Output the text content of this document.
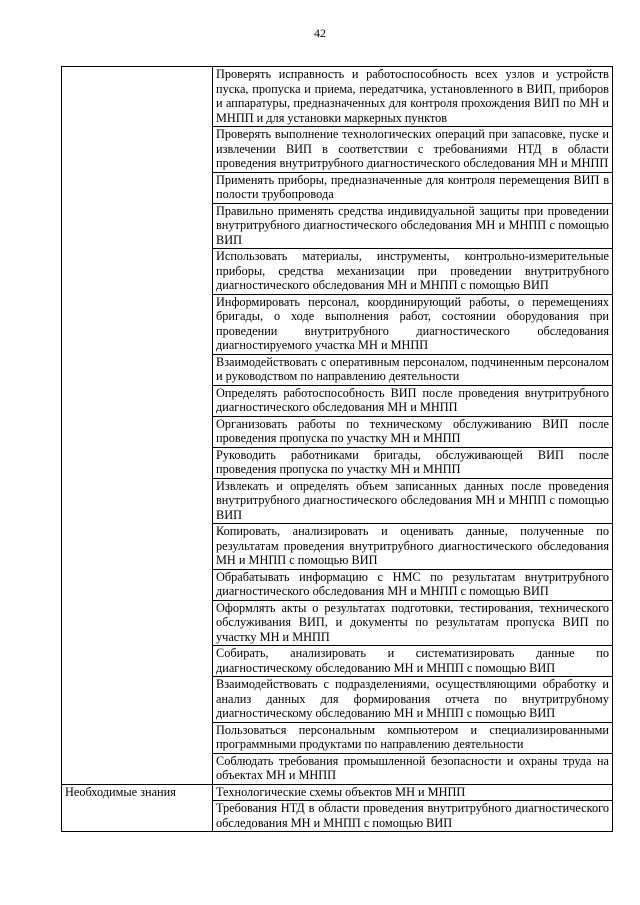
42
	Проверять исправность и работоспособность всех узлов и устройств пуска, пропуска и приема, передатчика, установленного в ВИП, приборов и аппаратуры, предназначенных для контроля прохождения ВИП по МН и МНПП и для установки маркерных пунктов
	Проверять выполнение технологических операций при запасовке, пуске и извлечении ВИП в соответствии с требованиями НТД в области проведения внутритрубного диагностического обследования МН и МНПП
	Применять приборы, предназначенные для контроля перемещения ВИП в полости трубопровода
	Правильно применять средства индивидуальной защиты при проведении внутритрубного диагностического обследования МН и МНПП с помощью ВИП
	Использовать материалы, инструменты, контрольно-измерительные приборы, средства механизации при проведении внутритрубного диагностического обследования МН и МНПП с помощью ВИП
	Информировать персонал, координирующий работы, о перемещениях бригады, о ходе выполнения работ, состоянии оборудования при проведении внутритрубного диагностического обследования диагностируемого участка МН и МНПП
	Взаимодействовать с оперативным персоналом, подчиненным персоналом и руководством по направлению деятельности
	Определять работоспособность ВИП после проведения внутритрубного диагностического обследования МН и МНПП
	Организовать работы по техническому обслуживанию ВИП после проведения пропуска по участку МН и МНПП
	Руководить работниками бригады, обслуживающей ВИП после проведения пропуска по участку МН и МНПП
	Извлекать и определять объем записанных данных после проведения внутритрубного диагностического обследования МН и МНПП с помощью ВИП
	Копировать, анализировать и оценивать данные, полученные по результатам проведения внутритрубного диагностического обследования МН и МНПП с помощью ВИП
	Обрабатывать информацию с НМС по результатам внутритрубного диагностического обследования МН и МНПП с помощью ВИП
	Оформлять акты о результатах подготовки, тестирования, технического обслуживания ВИП, и документы по результатам пропуска ВИП по участку МН и МНПП
	Собирать, анализировать и систематизировать данные по диагностическому обследованию МН и МНПП с помощью ВИП
	Взаимодействовать с подразделениями, осуществляющими обработку и анализ данных для формирования отчета по внутритрубному диагностическому обследованию МН и МНПП с помощью ВИП
	Пользоваться персональным компьютером и специализированными программными продуктами по направлению деятельности
	Соблюдать требования промышленной безопасности и охраны труда на объектах МН и МНПП
Необходимые знания	Технологические схемы объектов МН и МНПП
	Требования НТД в области проведения внутритрубного диагностического обследования МН и МНПП с помощью ВИП
